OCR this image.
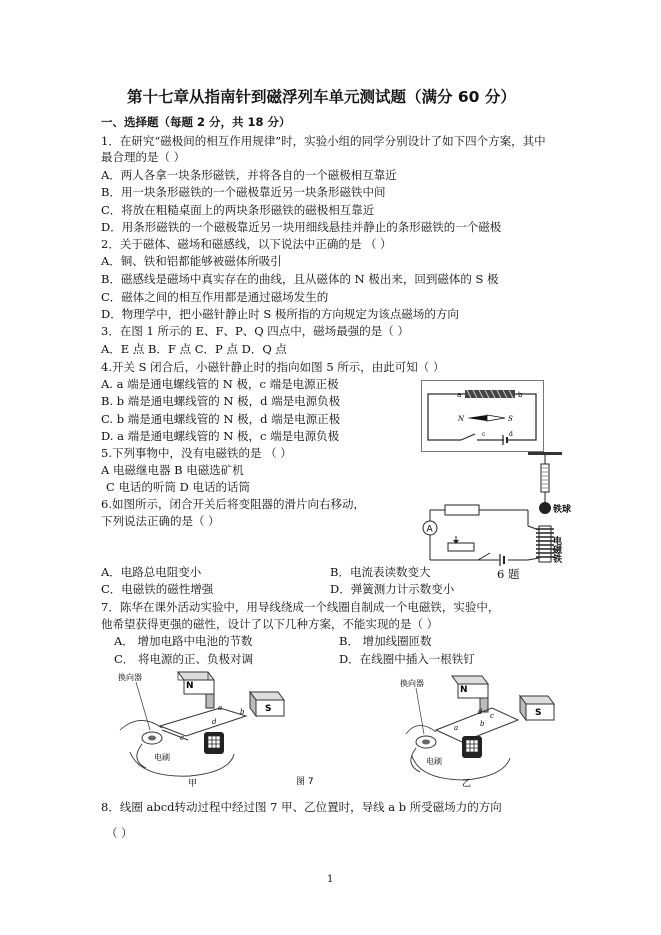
第十七章从指南针到磁浮列车单元测试题（满分 60 分）
一、选择题（每题 2 分，共 18 分）
1．在研究“磁极间的相互作用规律”时，实验小组的同学分别设计了如下四个方案，其中
最合理的是（ ）
A．两人各拿一块条形磁铁，并将各自的一个磁极相互靠近
B．用一块条形磁铁的一个磁极靠近另一块条形磁铁中间
C．将放在粗糙桌面上的两块条形磁铁的磁极相互靠近
D．用条形磁铁的一个磁极靠近另一块用细线悬挂并静止的条形磁铁的一个磁极
2．关于磁体、磁场和磁感线，以下说法中正确的是 （ ）
A．铜、铁和铝都能够被磁体所吸引
B．磁感线是磁场中真实存在的曲线，且从磁体的 N 极出来，回到磁体的 S 极
C．磁体之间的相互作用都是通过磁场发生的
D．物理学中，把小磁针静止时 S 极所指的方向规定为该点磁场的方向
3．在图 1 所示的 E、F、P、Q 四点中，磁场最强的是（ ）
A．E 点 B．F 点 C．P 点 D．Q 点
4.开关 S 闭合后，小磁针静止时的指向如图 5 所示，由此可知（ ）
A. a 端是通电螺线管的 N 极，c 端是电源正极
B. b 端是通电螺线管的 N 极，d 端是电源负极
C. b 端是通电螺线管的 N 极，d 端是电源正极
D. a 端是通电螺线管的 N 极，c 端是电源负极
a	b
N	S
c	d
5.下列事物中，没有电磁铁的是 （ ）
A 电磁继电器 B 电磁选矿机
C 电话的听筒 D 电话的话筒
6.如图所示，闭合开关后将变阻器的滑片向右移动，
下列说法正确的是（ ）
铁球
电磁铁
A
A．电路总电阻变小	B．电流表读数变大	6 题
C．电磁铁的磁性增强	D．弹簧测力计示数变小
7．陈华在课外活动实验中，用导线绕成一个线圈自制成一个电磁铁，实验中，
他希望获得更强的磁性，设计了以下几种方案，不能实现的是（ ）
A． 增加电路中电池的节数	B． 增加线圈匝数
C． 将电源的正、负极对调	D．在线圈中插入一根铁钉
换向器
N
S
a	b
d
c
电刷
甲	图 7
换向器
N
S
d c
b
a
电刷
乙
8．线圈 abcd转动过程中经过图 7 甲、乙位置时，导线 a b 所受磁场力的方向
（ ）
1
